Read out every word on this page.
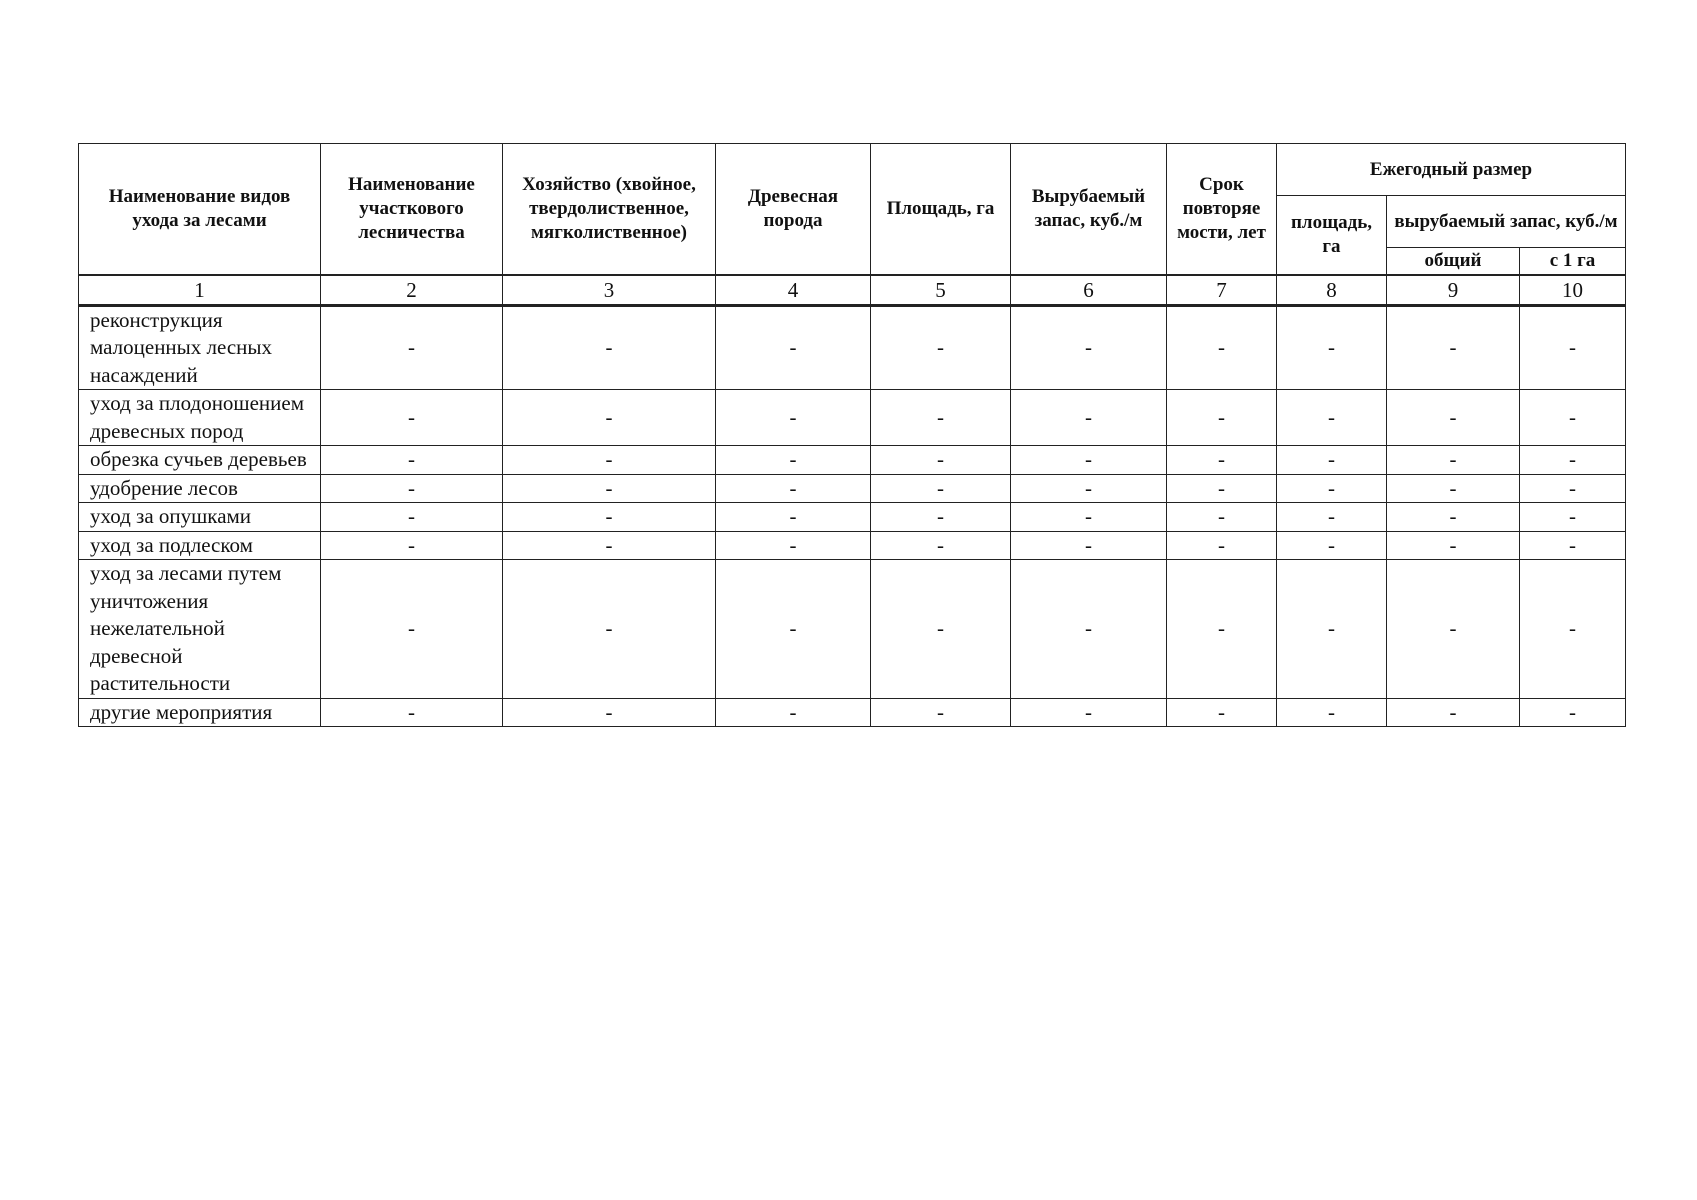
Наименование видов ухода за лесами	Наименование участкового лесничества	Хозяйство (хвойное, твердолиственное, мягколиственное)	Древесная порода	Площадь, га	Вырубаемый запас, куб./м	Срок повторяе мости, лет	Ежегодный размер		
							площадь, га	вырубаемый запас, куб./м	
								общий	с 1 га
1	2	3	4	5	6	7	8	9	10
реконструкция малоценных лесных насаждений	-	-	-	-	-	-	-	-	-
уход за плодоношением древесных пород	-	-	-	-	-	-	-	-	-
обрезка сучьев деревьев	-	-	-	-	-	-	-	-	-
удобрение лесов	-	-	-	-	-	-	-	-	-
уход за опушками	-	-	-	-	-	-	-	-	-
уход за подлеском	-	-	-	-	-	-	-	-	-
уход за лесами путем уничтожения нежелательной древесной растительности	-	-	-	-	-	-	-	-	-
другие мероприятия	-	-	-	-	-	-	-	-	-
